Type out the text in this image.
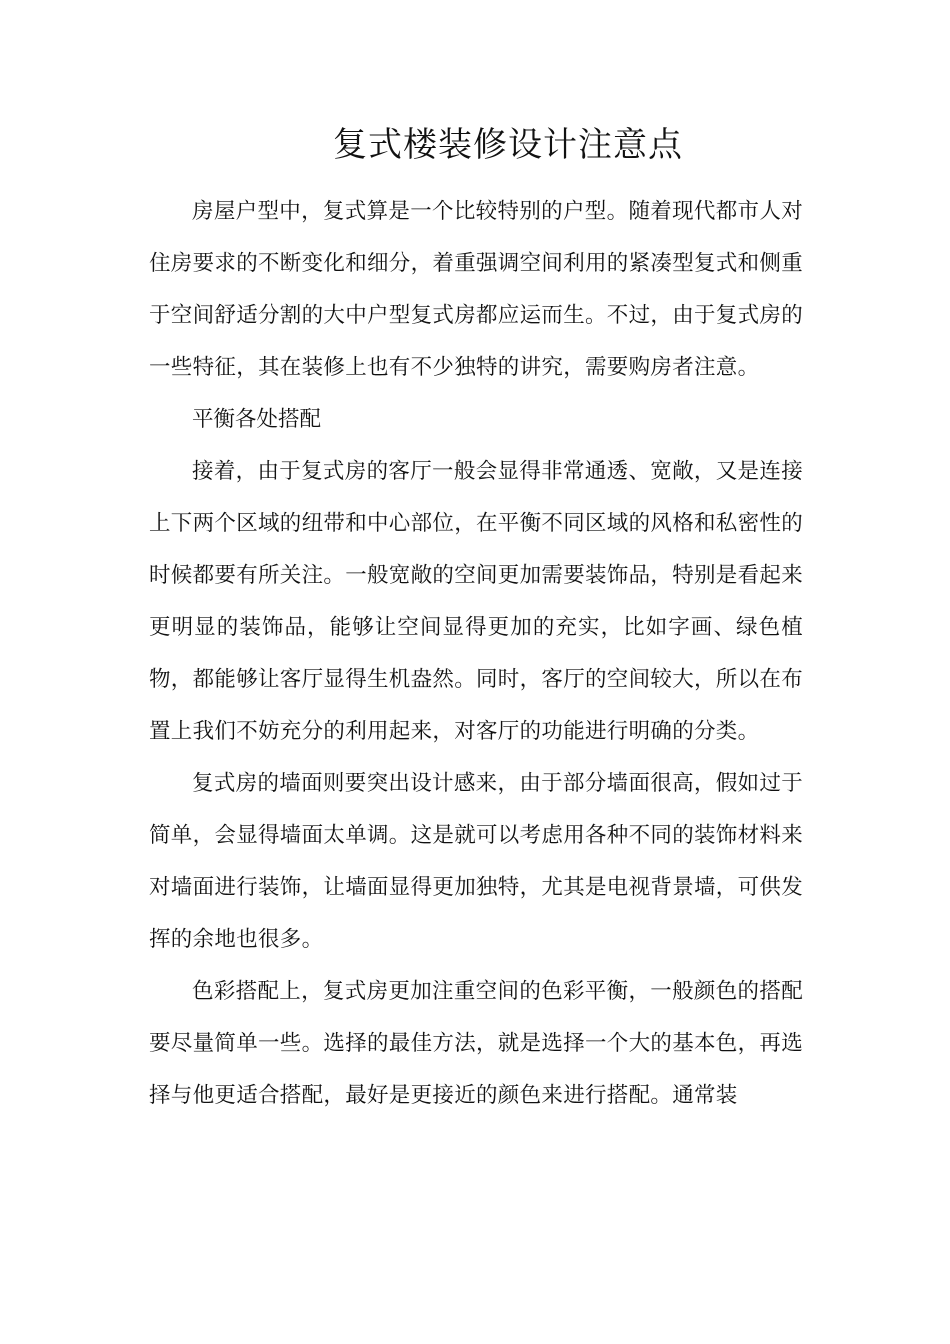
复式楼装修设计注意点

房屋户型中，复式算是一个比较特别的户型。随着现代都市人对住房要求的不断变化和细分，着重强调空间利用的紧凑型复式和侧重于空间舒适分割的大中户型复式房都应运而生。不过，由于复式房的一些特征，其在装修上也有不少独特的讲究，需要购房者注意。

平衡各处搭配

接着，由于复式房的客厅一般会显得非常通透、宽敞，又是连接上下两个区域的纽带和中心部位，在平衡不同区域的风格和私密性的时候都要有所关注。一般宽敞的空间更加需要装饰品，特别是看起来更明显的装饰品，能够让空间显得更加的充实，比如字画、绿色植物，都能够让客厅显得生机盎然。同时，客厅的空间较大，所以在布置上我们不妨充分的利用起来，对客厅的功能进行明确的分类。

复式房的墙面则要突出设计感来，由于部分墙面很高，假如过于简单，会显得墙面太单调。这是就可以考虑用各种不同的装饰材料来对墙面进行装饰，让墙面显得更加独特，尤其是电视背景墙，可供发挥的余地也很多。

色彩搭配上，复式房更加注重空间的色彩平衡，一般颜色的搭配要尽量简单一些。选择的最佳方法，就是选择一个大的基本色，再选择与他更适合搭配，最好是更接近的颜色来进行搭配。通常装
